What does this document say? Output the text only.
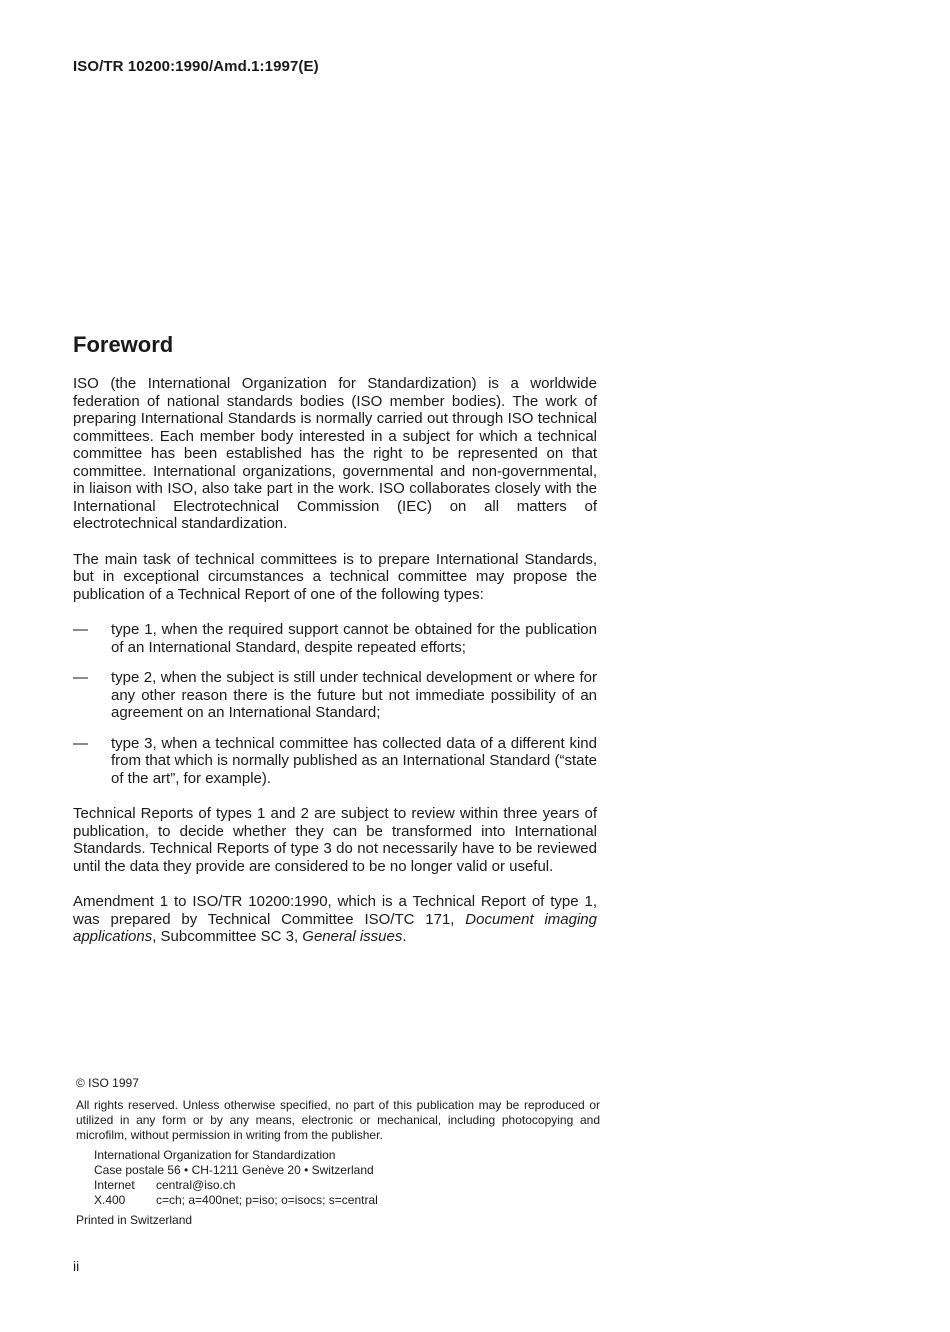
ISO/TR 10200:1990/Amd.1:1997(E)
Foreword

ISO (the International Organization for Standardization) is a worldwide federation of national standards bodies (ISO member bodies). The work of preparing International Standards is normally carried out through ISO technical committees. Each member body interested in a subject for which a technical committee has been established has the right to be represented on that committee. International organizations, governmental and non-governmental, in liaison with ISO, also take part in the work. ISO collaborates closely with the International Electrotechnical Commission (IEC) on all matters of electrotechnical standardization.

The main task of technical committees is to prepare International Standards, but in exceptional circumstances a technical committee may propose the publication of a Technical Report of one of the following types:

—	type 1, when the required support cannot be obtained for the publication of an International Standard, despite repeated efforts;
—	type 2, when the subject is still under technical development or where for any other reason there is the future but not immediate possibility of an agreement on an International Standard;
—	type 3, when a technical committee has collected data of a different kind from that which is normally published as an International Standard (“state of the art”, for example).

Technical Reports of types 1 and 2 are subject to review within three years of publication, to decide whether they can be transformed into International Standards. Technical Reports of type 3 do not necessarily have to be reviewed until the data they provide are considered to be no longer valid or useful.

Amendment 1 to ISO/TR 10200:1990, which is a Technical Report of type 1, was prepared by Technical Committee ISO/TC 171, Document imaging applications, Subcommittee SC 3, General issues.

© ISO 1997

All rights reserved. Unless otherwise specified, no part of this publication may be reproduced or utilized in any form or by any means, electronic or mechanical, including photocopying and microfilm, without permission in writing from the publisher.

International Organization for Standardization
Case postale 56 • CH-1211 Genève 20 • Switzerland
Internet	central@iso.ch
X.400	c=ch; a=400net; p=iso; o=isocs; s=central

Printed in Switzerland

ii
